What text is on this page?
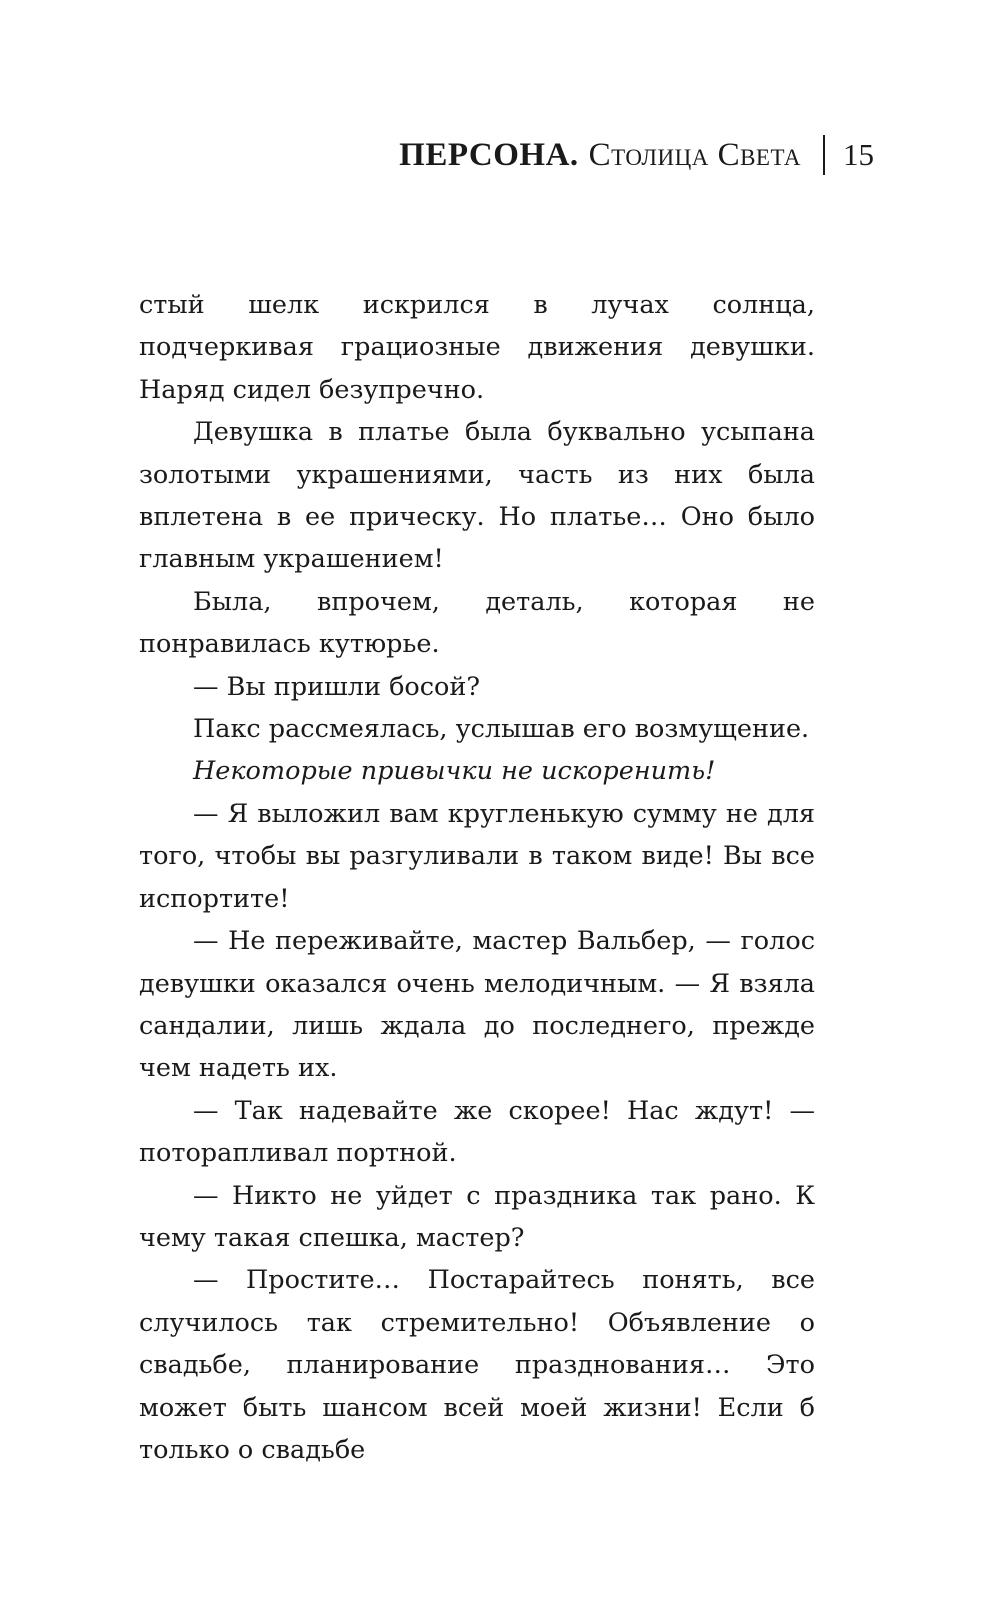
ПЕРСОНА. Столица Света 15

стый шелк искрился в лучах солнца, подчеркивая грациозные движения девушки. Наряд сидел безупречно.

Девушка в платье была буквально усыпана золотыми украшениями, часть из них была вплетена в ее прическу. Но платье… Оно было главным украшением!

Была, впрочем, деталь, которая не понравилась кутюрье.

— Вы пришли босой?

Пакс рассмеялась, услышав его возмущение.

Некоторые привычки не искоренить!

— Я выложил вам кругленькую сумму не для того, чтобы вы разгуливали в таком виде! Вы все испортите!

— Не переживайте, мастер Вальбер, — голос девушки оказался очень мелодичным. — Я взяла сандалии, лишь ждала до последнего, прежде чем надеть их.

— Так надевайте же скорее! Нас ждут! — поторапливал портной.

— Никто не уйдет с праздника так рано. К чему такая спешка, мастер?

— Простите… Постарайтесь понять, все случилось так стремительно! Объявление о свадьбе, планирование празднования… Это может быть шансом всей моей жизни! Если б только о свадьбе
